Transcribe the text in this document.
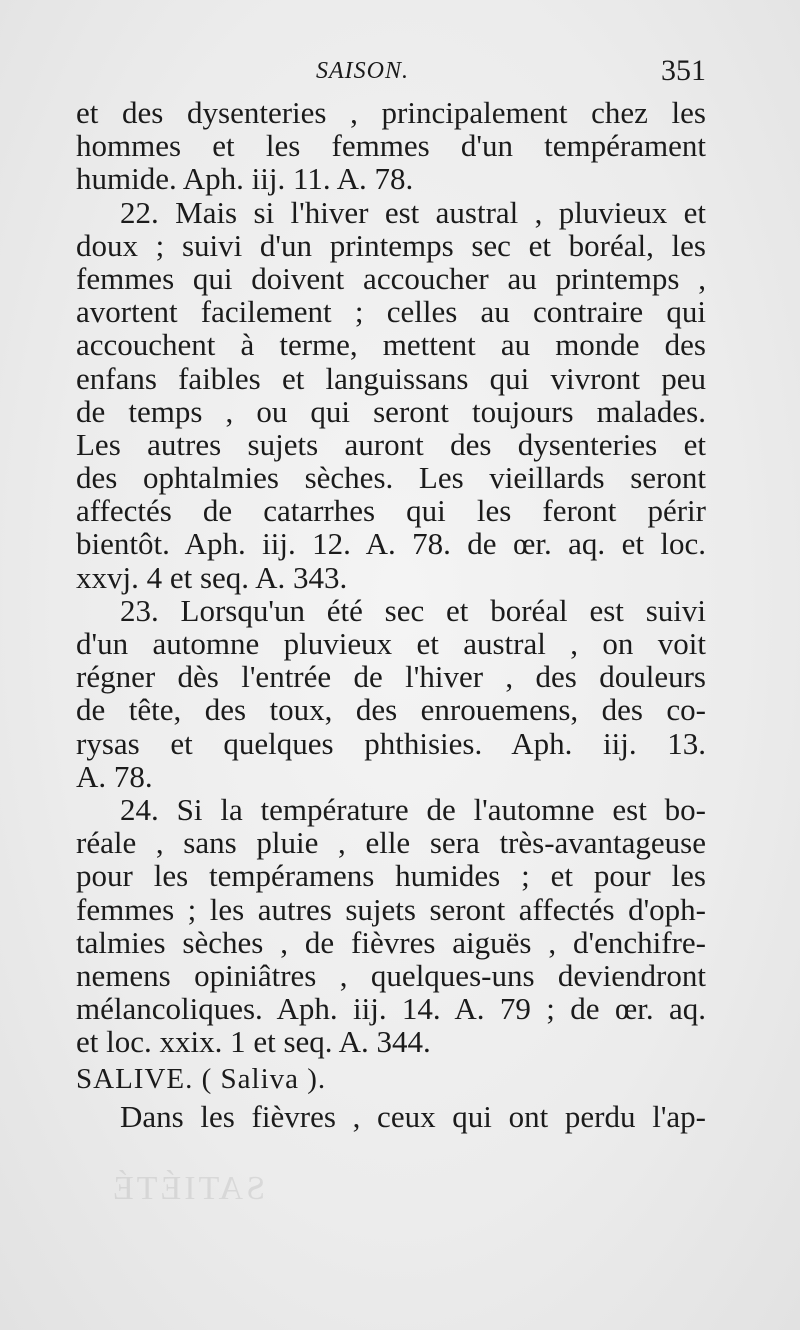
SAISON.	351
et des dysenteries , principalement chez les
hommes et les femmes d'un tempérament
humide. Aph. iij. 11. A. 78.
22. Mais si l'hiver est austral , pluvieux et
doux ; suivi d'un printemps sec et boréal, les
femmes qui doivent accoucher au printemps ,
avortent facilement ; celles au contraire qui
accouchent à terme, mettent au monde des
enfans faibles et languissans qui vivront peu
de temps , ou qui seront toujours malades.
Les autres sujets auront des dysenteries et
des ophtalmies sèches. Les vieillards seront
affectés de catarrhes qui les feront périr
bientôt. Aph. iij. 12. A. 78. de œr. aq. et loc.
xxvj. 4 et seq. A. 343.
23. Lorsqu'un été sec et boréal est suivi
d'un automne pluvieux et austral , on voit
régner dès l'entrée de l'hiver , des douleurs
de tête, des toux, des enrouemens, des co-
rysas et quelques phthisies. Aph. iij. 13.
A. 78.
24. Si la température de l'automne est bo-
réale , sans pluie , elle sera très-avantageuse
pour les tempéramens humides ; et pour les
femmes ; les autres sujets seront affectés d'oph-
talmies sèches , de fièvres aiguës , d'enchifre-
nemens opiniâtres , quelques-uns deviendront
mélancoliques. Aph. iij. 14. A. 79 ; de œr. aq.
et loc. xxix. 1 et seq. A. 344.
SALIVE. ( Saliva ).
Dans les fièvres , ceux qui ont perdu l'ap-
SATIÉTÉ
